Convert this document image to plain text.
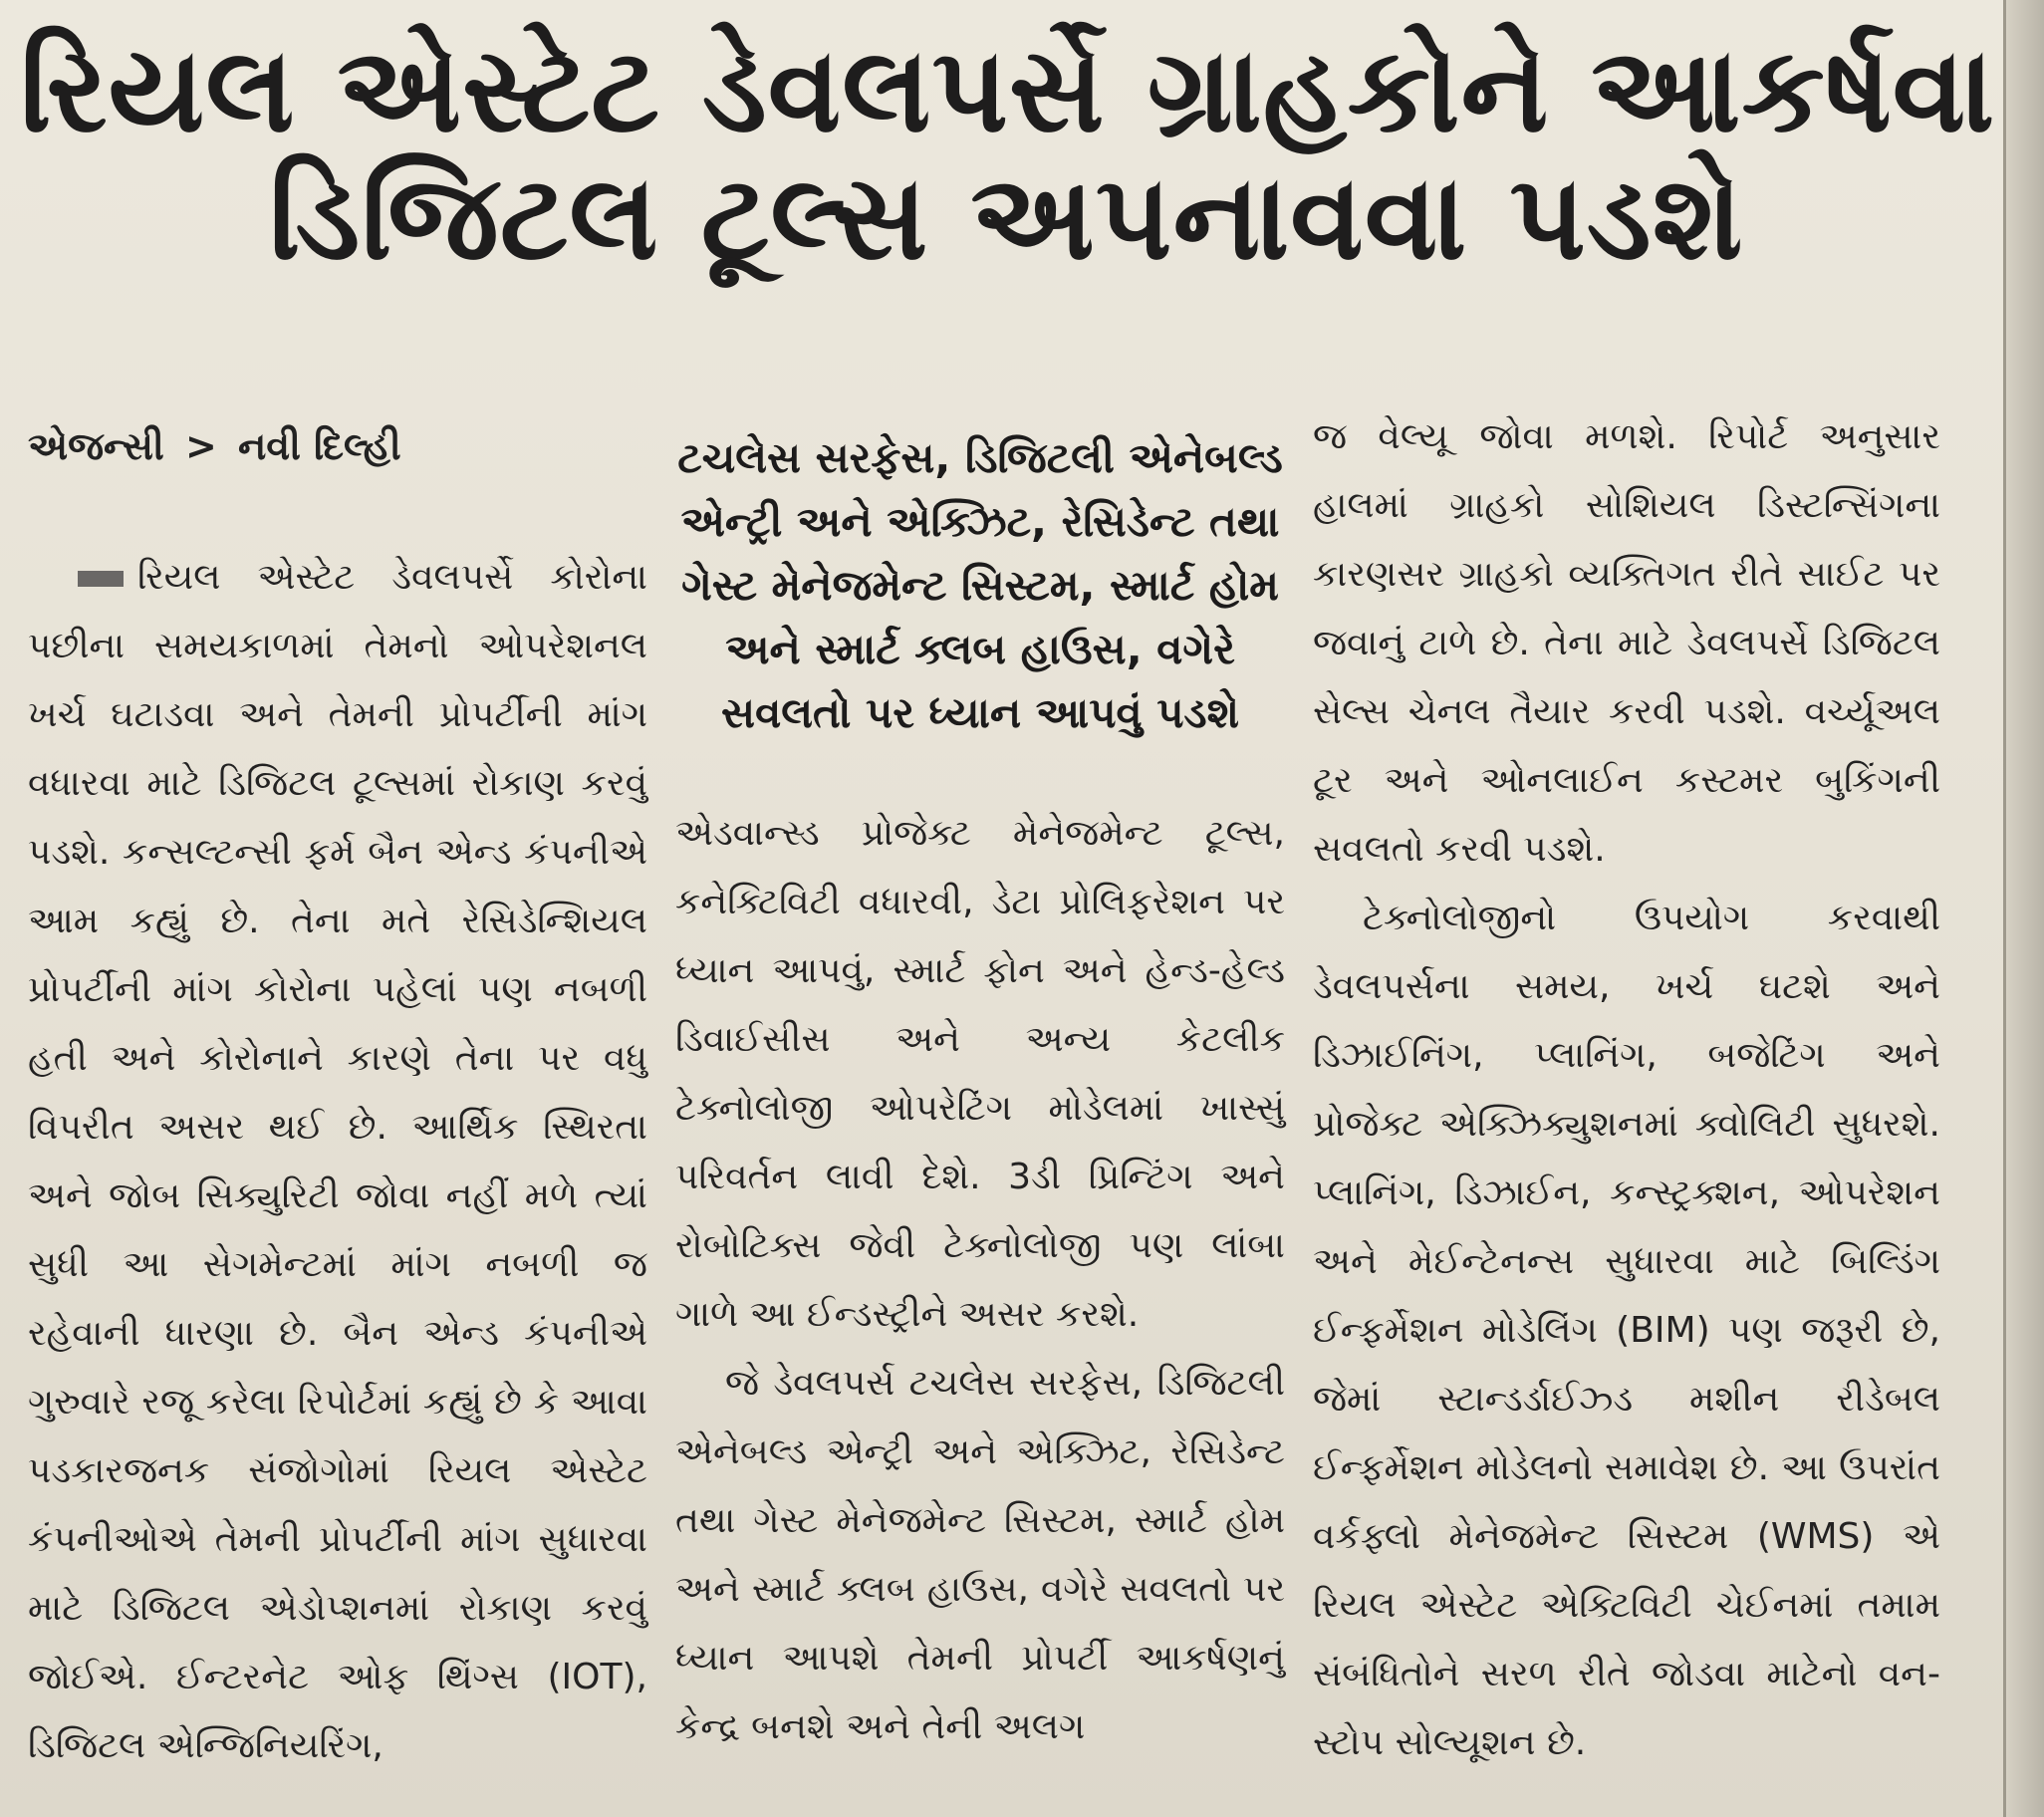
રિયલ એસ્ટેટ ડેવલપર્સે ગ્રાહકોને આકર્ષવા
ડિજિટલ ટૂલ્સ અપનાવવા પડશે
એજન્સી > નવી દિલ્હી

રિયલ એસ્ટેટ ડેવલપર્સે કોરોના પછીના સમયકાળમાં તેમનો ઓપરેશનલ ખર્ચ ઘટાડવા અને તેમની પ્રોપર્ટીની માંગ વધારવા માટે ડિજિટલ ટૂલ્સમાં રોકાણ કરવું પડશે. કન્સલ્ટન્સી ફર્મ બૈન એન્ડ કંપનીએ આમ કહ્યું છે. તેના મતે રેસિડેન્શિયલ પ્રોપર્ટીની માંગ કોરોના પહેલાં પણ નબળી હતી અને કોરોનાને કારણે તેના પર વધુ વિપરીત અસર થઈ છે. આર્થિક સ્થિરતા અને જોબ સિક્યુરિટી જોવા નહીં મળે ત્યાં સુધી આ સેગમેન્ટમાં માંગ નબળી જ રહેવાની ધારણા છે. બૈન એન્ડ કંપનીએ ગુરુવારે રજૂ કરેલા રિપોર્ટમાં કહ્યું છે કે આવા પડકારજનક સંજોગોમાં રિયલ એસ્ટેટ કંપનીઓએ તેમની પ્રોપર્ટીની માંગ સુધારવા માટે ડિજિટલ એડોપ્શનમાં રોકાણ કરવું જોઈએ. ઈન્ટરનેટ ઓફ થિંગ્સ (IOT), ડિજિટલ એન્જિનિયરિંગ,

ટચલેસ સરફેસ, ડિજિટલી એનેબલ્ડ એન્ટ્રી અને એક્ઝિટ, રેસિડેન્ટ તથા ગેસ્ટ મેનેજમેન્ટ સિસ્ટમ, સ્માર્ટ હોમ અને સ્માર્ટ ક્લબ હાઉસ, વગેરે સવલતો પર ધ્યાન આપવું પડશે

એડવાન્સ્ડ પ્રોજેક્ટ મેનેજમેન્ટ ટૂલ્સ, કનેક્ટિવિટી વધારવી, ડેટા પ્રોલિફરેશન પર ધ્યાન આપવું, સ્માર્ટ ફોન અને હેન્ડ-હેલ્ડ ડિવાઈસીસ અને અન્ય કેટલીક ટેક્નોલોજી ઓપરેટિંગ મોડેલમાં ખાસ્સું પરિવર્તન લાવી દેશે. 3ડી પ્રિન્ટિંગ અને રોબોટિક્સ જેવી ટેક્નોલોજી પણ લાંબા ગાળે આ ઈન્ડસ્ટ્રીને અસર કરશે.

જે ડેવલપર્સ ટચલેસ સરફેસ, ડિજિટલી એનેબલ્ડ એન્ટ્રી અને એક્ઝિટ, રેસિડેન્ટ તથા ગેસ્ટ મેનેજમેન્ટ સિસ્ટમ, સ્માર્ટ હોમ અને સ્માર્ટ ક્લબ હાઉસ, વગેરે સવલતો પર ધ્યાન આપશે તેમની પ્રોપર્ટી આકર્ષણનું કેન્દ્ર બનશે અને તેની અલગ

જ વેલ્યૂ જોવા મળશે. રિપોર્ટ અનુસાર હાલમાં ગ્રાહકો સોશિયલ ડિસ્ટન્સિંગના કારણસર ગ્રાહકો વ્યક્તિગત રીતે સાઈટ પર જવાનું ટાળે છે. તેના માટે ડેવલપર્સે ડિજિટલ સેલ્સ ચેનલ તૈયાર કરવી પડશે. વર્ચ્યૂઅલ ટૂર અને ઓનલાઈન કસ્ટમર બુકિંગની સવલતો કરવી પડશે.

ટેક્નોલોજીનો ઉપયોગ કરવાથી ડેવલપર્સના સમય, ખર્ચ ઘટશે અને ડિઝાઈનિંગ, પ્લાનિંગ, બજેટિંગ અને પ્રોજેક્ટ એક્ઝિક્યુશનમાં ક્વોલિટી સુધરશે. પ્લાનિંગ, ડિઝાઈન, કન્સ્ટ્રક્શન, ઓપરેશન અને મેઈન્ટેનન્સ સુધારવા માટે બિલ્ડિંગ ઈન્ફર્મેશન મોડેલિંગ (BIM) પણ જરૂરી છે, જેમાં સ્ટાન્ડર્ડાઈઝ્ડ મશીન રીડેબલ ઈન્ફર્મેશન મોડેલનો સમાવેશ છે. આ ઉપરાંત વર્કફ્લો મેનેજમેન્ટ સિસ્ટમ (WMS) એ રિયલ એસ્ટેટ એક્ટિવિટી ચેઈનમાં તમામ સંબંધિતોને સરળ રીતે જોડવા માટેનો વન-સ્ટોપ સોલ્યૂશન છે.
